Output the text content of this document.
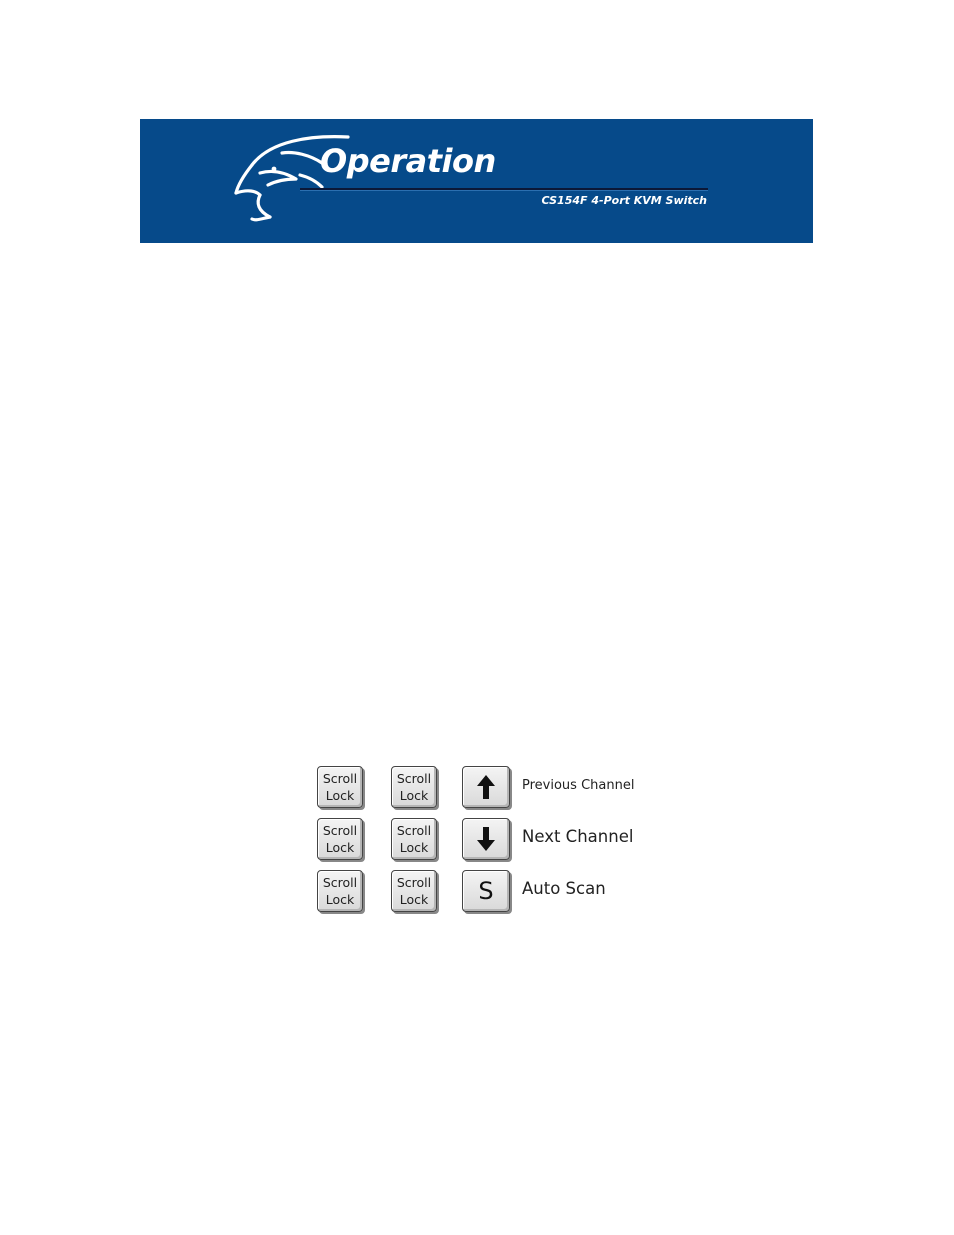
Operation
CS154F 4-Port KVM Switch
Scroll
Lock
Scroll
Lock
Previous Channel
Scroll
Lock
Scroll
Lock
Next Channel
Scroll
Lock
Scroll
Lock S Auto Scan
